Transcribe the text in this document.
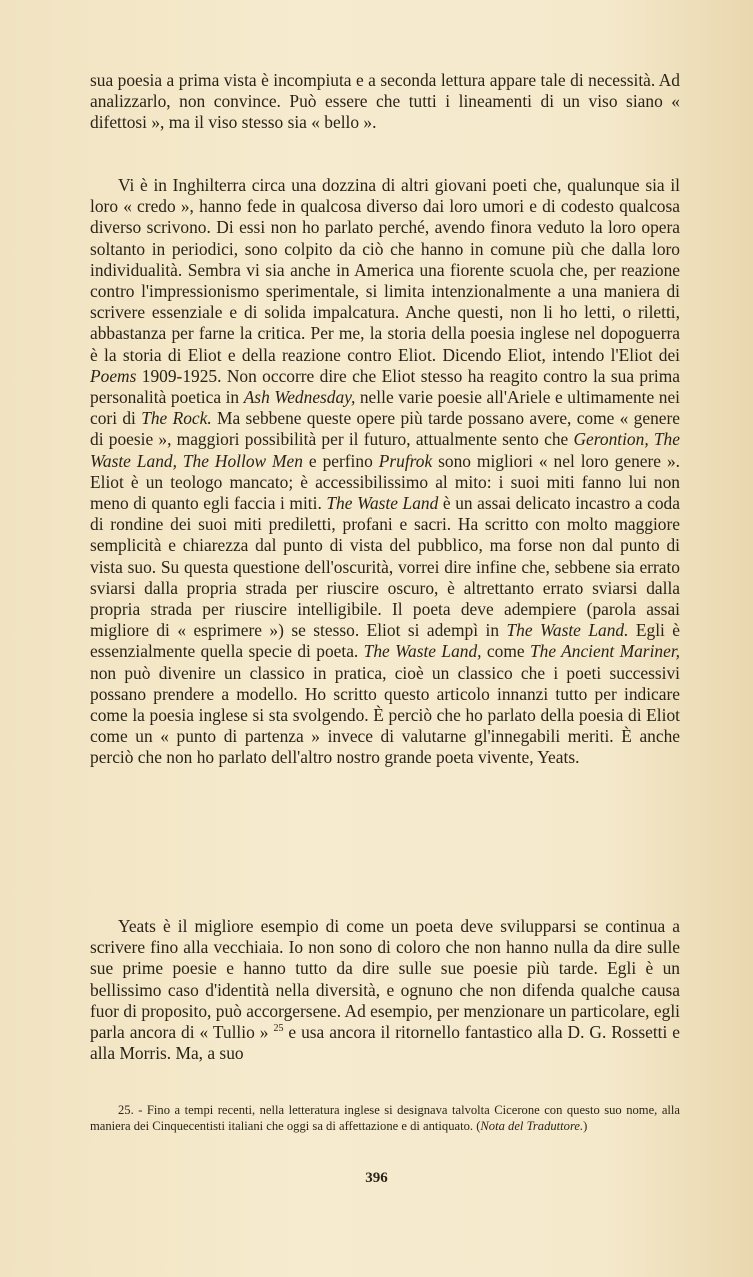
sua poesia a prima vista è incompiuta e a seconda lettura appare tale di necessità. Ad analizzarlo, non convince. Può essere che tutti i lineamenti di un viso siano « difettosi », ma il viso stesso sia « bello ».

Vi è in Inghilterra circa una dozzina di altri giovani poeti che, qualunque sia il loro « credo », hanno fede in qualcosa diverso dai loro umori e di codesto qualcosa diverso scrivono. Di essi non ho parlato perché, avendo finora veduto la loro opera soltanto in periodici, sono colpito da ciò che hanno in comune più che dalla loro individualità. Sembra vi sia anche in America una fiorente scuola che, per reazione contro l'impressionismo sperimentale, si limita intenzionalmente a una maniera di scrivere essenziale e di solida impalcatura. Anche questi, non li ho letti, o riletti, abbastanza per farne la critica. Per me, la storia della poesia inglese nel dopoguerra è la storia di Eliot e della reazione contro Eliot. Dicendo Eliot, intendo l'Eliot dei Poems 1909-1925. Non occorre dire che Eliot stesso ha reagito contro la sua prima personalità poetica in Ash Wednesday, nelle varie poesie all'Ariele e ultimamente nei cori di The Rock. Ma sebbene queste opere più tarde possano avere, come « genere di poesie », maggiori possibilità per il futuro, attualmente sento che Gerontion, The Waste Land, The Hollow Men e perfino Prufrok sono migliori « nel loro genere ». Eliot è un teologo mancato; è accessibilissimo al mito: i suoi miti fanno lui non meno di quanto egli faccia i miti. The Waste Land è un assai delicato incastro a coda di rondine dei suoi miti prediletti, profani e sacri. Ha scritto con molto maggiore semplicità e chiarezza dal punto di vista del pubblico, ma forse non dal punto di vista suo. Su questa questione dell'oscurità, vorrei dire infine che, sebbene sia errato sviarsi dalla propria strada per riuscire oscuro, è altrettanto errato sviarsi dalla propria strada per riuscire intelligibile. Il poeta deve adempiere (parola assai migliore di « esprimere ») se stesso. Eliot si adempì in The Waste Land. Egli è essenzialmente quella specie di poeta. The Waste Land, come The Ancient Mariner, non può divenire un classico in pratica, cioè un classico che i poeti successivi possano prendere a modello. Ho scritto questo articolo innanzi tutto per indicare come la poesia inglese si sta svolgendo. È perciò che ho parlato della poesia di Eliot come un « punto di partenza » invece di valutarne gl'innegabili meriti. È anche perciò che non ho parlato dell'altro nostro grande poeta vivente, Yeats.

Yeats è il migliore esempio di come un poeta deve svilupparsi se continua a scrivere fino alla vecchiaia. Io non sono di coloro che non hanno nulla da dire sulle sue prime poesie e hanno tutto da dire sulle sue poesie più tarde. Egli è un bellissimo caso d'identità nella diversità, e ognuno che non difenda qualche causa fuor di proposito, può accorgersene. Ad esempio, per menzionare un particolare, egli parla ancora di « Tullio » $^{25}$ e usa ancora il ritornello fantastico alla D. G. Rossetti e alla Morris. Ma, a suo

25. - Fino a tempi recenti, nella letteratura inglese si designava talvolta Cicerone con questo suo nome, alla maniera dei Cinquecentisti italiani che oggi sa di affettazione e di antiquato. (Nota del Traduttore.)
396
